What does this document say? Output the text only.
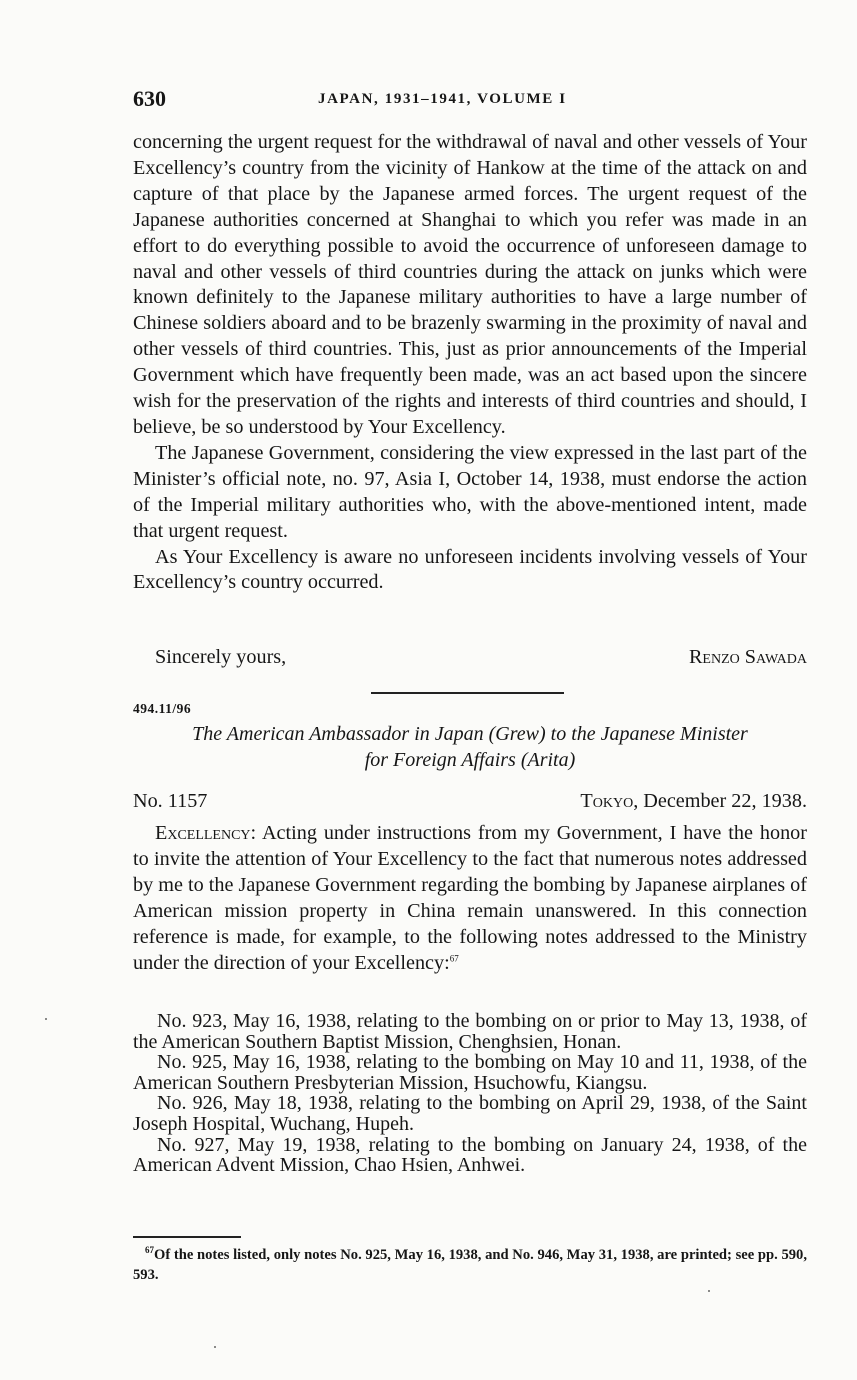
630	JAPAN, 1931–1941, VOLUME I

concerning the urgent request for the withdrawal of naval and other vessels of Your Excellency’s country from the vicinity of Hankow at the time of the attack on and capture of that place by the Japanese armed forces. The urgent request of the Japanese authorities concerned at Shanghai to which you refer was made in an effort to do everything possible to avoid the occurrence of unforeseen damage to naval and other vessels of third countries during the attack on junks which were known definitely to the Japanese military authorities to have a large number of Chinese soldiers aboard and to be brazenly swarming in the proximity of naval and other vessels of third countries. This, just as prior announcements of the Imperial Government which have frequently been made, was an act based upon the sincere wish for the preservation of the rights and interests of third countries and should, I believe, be so understood by Your Excellency.

The Japanese Government, considering the view expressed in the last part of the Minister’s official note, no. 97, Asia I, October 14, 1938, must endorse the action of the Imperial military authorities who, with the above-mentioned intent, made that urgent request.

As Your Excellency is aware no unforeseen incidents involving vessels of Your Excellency’s country occurred.

Sincerely yours,	Renzo Sawada
494.11/96
The American Ambassador in Japan (Grew) to the Japanese Minister
for Foreign Affairs (Arita)
No. 1157	Tokyo, December 22, 1938.

Excellency: Acting under instructions from my Government, I have the honor to invite the attention of Your Excellency to the fact that numerous notes addressed by me to the Japanese Government regarding the bombing by Japanese airplanes of American mission property in China remain unanswered. In this connection reference is made, for example, to the following notes addressed to the Ministry under the direction of your Excellency:$^{67}$

No. 923, May 16, 1938, relating to the bombing on or prior to May 13, 1938, of the American Southern Baptist Mission, Chenghsien, Honan.

No. 925, May 16, 1938, relating to the bombing on May 10 and 11, 1938, of the American Southern Presbyterian Mission, Hsuchowfu, Kiangsu.

No. 926, May 18, 1938, relating to the bombing on April 29, 1938, of the Saint Joseph Hospital, Wuchang, Hupeh.

No. 927, May 19, 1938, relating to the bombing on January 24, 1938, of the American Advent Mission, Chao Hsien, Anhwei.

$^{67}$Of the notes listed, only notes No. 925, May 16, 1938, and No. 946, May 31, 1938, are printed; see pp. 590, 593.
